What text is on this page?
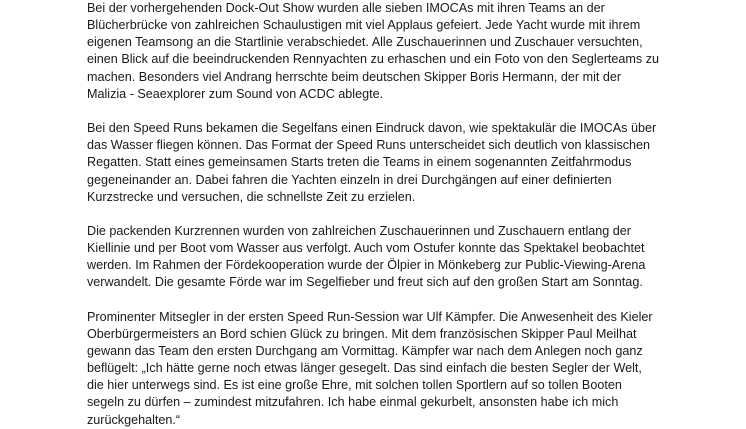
Bei der vorhergehenden Dock-Out Show wurden alle sieben IMOCAs mit ihren Teams an der
Blücherbrücke von zahlreichen Schaulustigen mit viel Applaus gefeiert. Jede Yacht wurde mit ihrem
eigenen Teamsong an die Startlinie verabschiedet. Alle Zuschauerinnen und Zuschauer versuchten,
einen Blick auf die beeindruckenden Rennyachten zu erhaschen und ein Foto von den Seglerteams zu
machen. Besonders viel Andrang herrschte beim deutschen Skipper Boris Hermann, der mit der
Malizia - Seaexplorer zum Sound von ACDC ablegte.

Bei den Speed Runs bekamen die Segelfans einen Eindruck davon, wie spektakulär die IMOCAs über
das Wasser fliegen können. Das Format der Speed Runs unterscheidet sich deutlich von klassischen
Regatten. Statt eines gemeinsamen Starts treten die Teams in einem sogenannten Zeitfahrmodus
gegeneinander an. Dabei fahren die Yachten einzeln in drei Durchgängen auf einer definierten
Kurzstrecke und versuchen, die schnellste Zeit zu erzielen.

Die packenden Kurzrennen wurden von zahlreichen Zuschauerinnen und Zuschauern entlang der
Kiellinie und per Boot vom Wasser aus verfolgt. Auch vom Ostufer konnte das Spektakel beobachtet
werden. Im Rahmen der Fördekooperation wurde der Ölpier in Mönkeberg zur Public-Viewing-Arena
verwandelt. Die gesamte Förde war im Segelfieber und freut sich auf den großen Start am Sonntag.

Prominenter Mitsegler in der ersten Speed Run-Session war Ulf Kämpfer. Die Anwesenheit des Kieler
Oberbürgermeisters an Bord schien Glück zu bringen. Mit dem französischen Skipper Paul Meilhat
gewann das Team den ersten Durchgang am Vormittag. Kämpfer war nach dem Anlegen noch ganz
beflügelt: „Ich hätte gerne noch etwas länger gesegelt. Das sind einfach die besten Segler der Welt,
die hier unterwegs sind. Es ist eine große Ehre, mit solchen tollen Sportlern auf so tollen Booten
segeln zu dürfen – zumindest mitzufahren. Ich habe einmal gekurbelt, ansonsten habe ich mich
zurückgehalten.“
